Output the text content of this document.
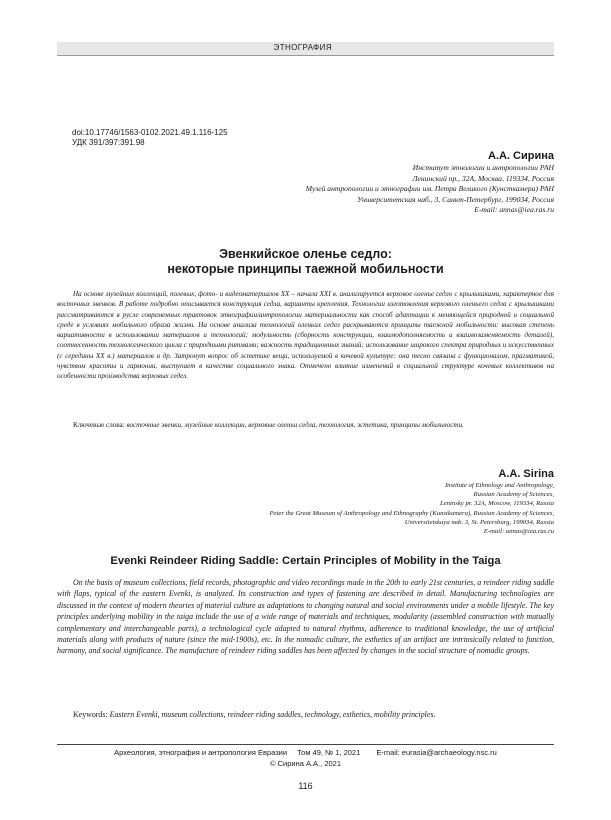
ЭТНОГРАФИЯ
doi:10.17746/1563-0102.2021.49.1.116-125
УДК 391/397:391.98
А.А. Сирина
Институт этнологии и антропологии РАН
Ленинский пр., 32А, Москва, 119334, Россия
Музей антропологии и этнографии им. Петра Великого (Кунсткамера) РАН
Университетская наб., 3, Санкт-Петербург, 199034, Россия
E-mail: annas@iea.ras.ru
Эвенкийское оленье седло:
некоторые принципы таежной мобильности
На основе музейных коллекций, полевых, фото- и видеоматериалов XX – начала XXI в. анализируется верховое оленье седло с крылышками, характерное для восточных эвенков. В работе подробно описывается конструкция седла, варианты крепления. Технологии изготовления верхового оленьего седла с крылышками рассматриваются в русле современных трактовок этнографии/антропологии материальности как способ адаптации к меняющейся природной и социальной среде в условиях мобильного образа жизни. На основе анализа технологий оленьих седел раскрываются принципы таежной мобильности: высокая степень вариативности в использовании материалов и технологий; модульность (сборность конструкции, взаимодополняемость и взаимозаменяемость деталей), соотнесенность технологического цикла с природными ритмами; важность традиционных знаний; использование широкого спектра природных и искусственных (с середины XX в.) материалов и др. Затронут вопрос об эстетике вещи, используемой в кочевой культуре: она тесно связана с функционалом, прагматикой, чувством красоты и гармонии, выступает в качестве социального знака. Отмечено влияние изменений в социальной структуре кочевых коллективов на особенности производства верховых седел.
Ключевые слова: восточные эвенки, музейные коллекции, верховые оленьи седла, технология, эстетика, принципы мобильности.
A.A. Sirina
Institute of Ethnology and Anthropology,
Russian Academy of Sciences,
Leninsky pr. 32A, Moscow, 119334, Russia
Peter the Great Museum of Anthropology and Ethnography (Kunstkamera), Russian Academy of Sciences,
Universitetskaya nab. 3, St. Petersburg, 199034, Russia
E-mail: annas@iea.ras.ru
Evenki Reindeer Riding Saddle: Certain Principles of Mobility in the Taiga
On the basis of museum collections, field records, photographic and video recordings made in the 20th to early 21st centuries, a reindeer riding saddle with flaps, typical of the eastern Evenki, is analyzed. Its construction and types of fastening are described in detail. Manufacturing technologies are discussed in the context of modern theories of material culture as adaptations to changing natural and social environments under a mobile lifestyle. The key principles underlying mobility in the taiga include the use of a wide range of materials and techniques, modularity (assembled construction with mutually complementary and interchangeable parts), a technological cycle adapted to natural rhythms, adherence to traditional knowledge, the use of artificial materials along with products of nature (since the mid-1900s), etc. In the nomadic culture, the esthetics of an artifact are intrinsically related to function, harmony, and social significance. The manufacture of reindeer riding saddles has been affected by changes in the social structure of nomadic groups.
Keywords: Eastern Evenki, museum collections, reindeer riding saddles, technology, esthetics, mobility principles.
Археология, этнография и антропология Евразии Том 49, № 1, 2021 E-mail: eurasia@archaeology.nsc.ru
© Сирина А.А., 2021
116
